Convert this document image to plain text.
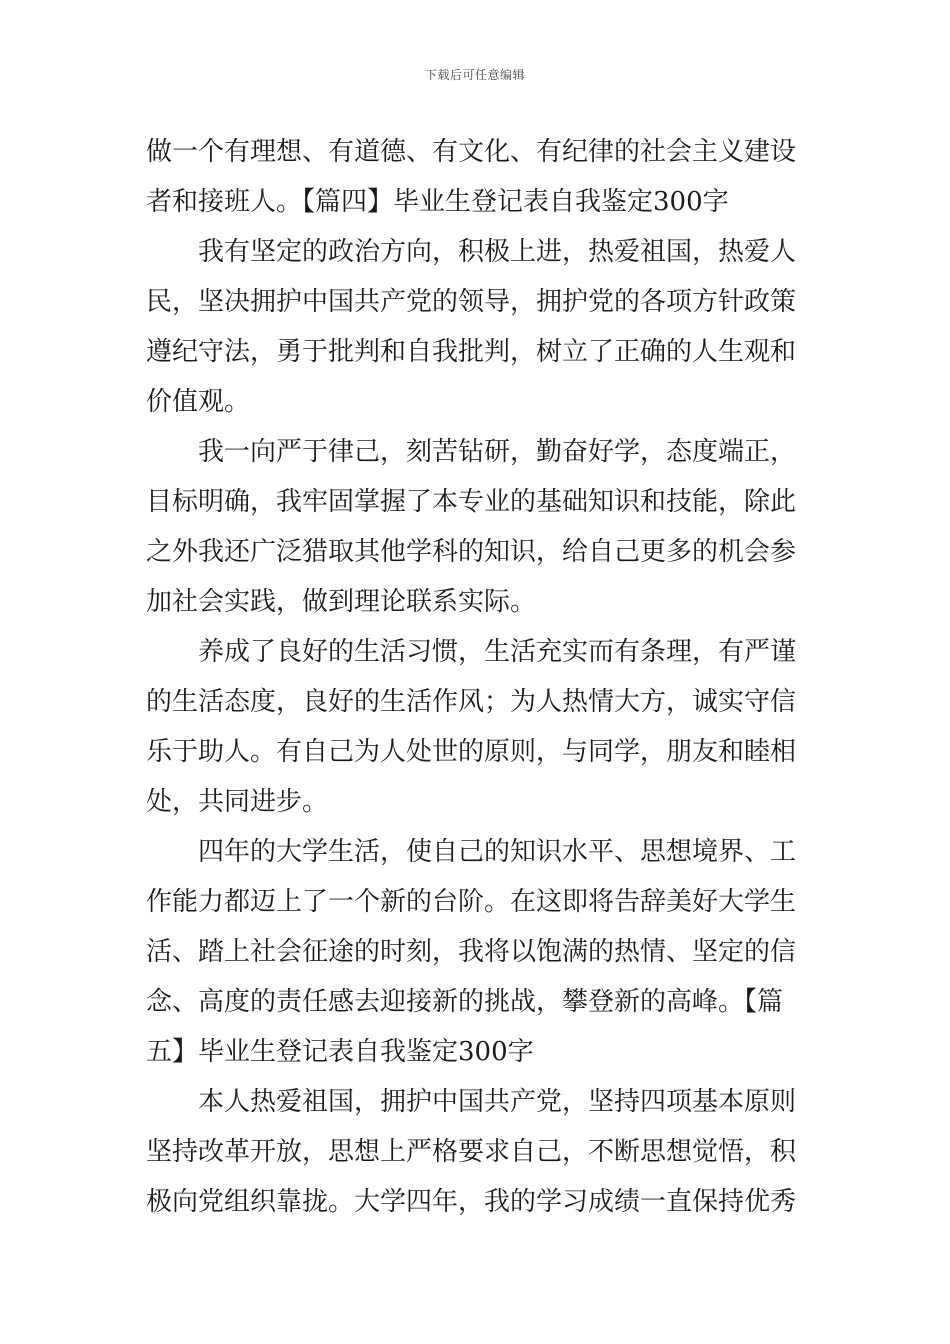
下载后可任意编辑
做一个有理想、有道德、有文化、有纪律的社会主义建设
者和接班人。【篇四】毕业生登记表自我鉴定300字
我有坚定的政治方向，积极上进，热爱祖国，热爱人
民，坚决拥护中国共产党的领导，拥护党的各项方针政策
遵纪守法，勇于批判和自我批判，树立了正确的人生观和
价值观。
我一向严于律己，刻苦钻研，勤奋好学，态度端正，
目标明确，我牢固掌握了本专业的基础知识和技能，除此
之外我还广泛猎取其他学科的知识，给自己更多的机会参
加社会实践，做到理论联系实际。
养成了良好的生活习惯，生活充实而有条理，有严谨
的生活态度，良好的生活作风；为人热情大方，诚实守信
乐于助人。有自己为人处世的原则，与同学，朋友和睦相
处，共同进步。
四年的大学生活，使自己的知识水平、思想境界、工
作能力都迈上了一个新的台阶。在这即将告辞美好大学生
活、踏上社会征途的时刻，我将以饱满的热情、坚定的信
念、高度的责任感去迎接新的挑战，攀登新的高峰。【篇
五】毕业生登记表自我鉴定300字
本人热爱祖国，拥护中国共产党，坚持四项基本原则
坚持改革开放，思想上严格要求自己，不断思想觉悟，积
极向党组织靠拢。大学四年，我的学习成绩一直保持优秀
